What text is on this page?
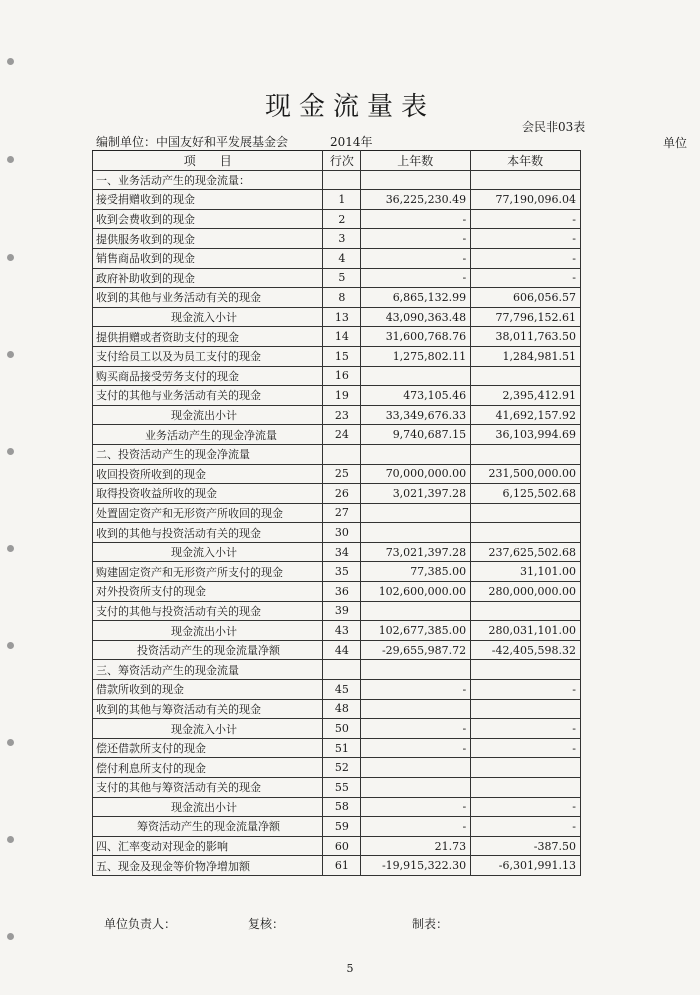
现金流量表
会民非03表
编制单位：中国友好和平发展基金会	2014年	单位
项　　目	行次	上年数	本年数
一、业务活动产生的现金流量：			
接受捐赠收到的现金	1	36,225,230.49	77,190,096.04
收到会费收到的现金	2	-	-
提供服务收到的现金	3	-	-
销售商品收到的现金	4	-	-
政府补助收到的现金	5	-	-
收到的其他与业务活动有关的现金	8	6,865,132.99	606,056.57
现金流入小计	13	43,090,363.48	77,796,152.61
提供捐赠或者资助支付的现金	14	31,600,768.76	38,011,763.50
支付给员工以及为员工支付的现金	15	1,275,802.11	1,284,981.51
购买商品接受劳务支付的现金	16		
支付的其他与业务活动有关的现金	19	473,105.46	2,395,412.91
现金流出小计	23	33,349,676.33	41,692,157.92
业务活动产生的现金净流量	24	9,740,687.15	36,103,994.69
二、投资活动产生的现金净流量			
收回投资所收到的现金	25	70,000,000.00	231,500,000.00
取得投资收益所收的现金	26	3,021,397.28	6,125,502.68
处置固定资产和无形资产所收回的现金	27		
收到的其他与投资活动有关的现金	30		
现金流入小计	34	73,021,397.28	237,625,502.68
购建固定资产和无形资产所支付的现金	35	77,385.00	31,101.00
对外投资所支付的现金	36	102,600,000.00	280,000,000.00
支付的其他与投资活动有关的现金	39		
现金流出小计	43	102,677,385.00	280,031,101.00
投资活动产生的现金流量净额	44	-29,655,987.72	-42,405,598.32
三、筹资活动产生的现金流量			
借款所收到的现金	45	-	-
收到的其他与筹资活动有关的现金	48		
现金流入小计	50	-	-
偿还借款所支付的现金	51	-	-
偿付利息所支付的现金	52		
支付的其他与筹资活动有关的现金	55		
现金流出小计	58	-	-
筹资活动产生的现金流量净额	59	-	-
四、汇率变动对现金的影响	60	21.73	-387.50
五、现金及现金等价物净增加额	61	-19,915,322.30	-6,301,991.13
单位负责人：	复核：	制表：
5
